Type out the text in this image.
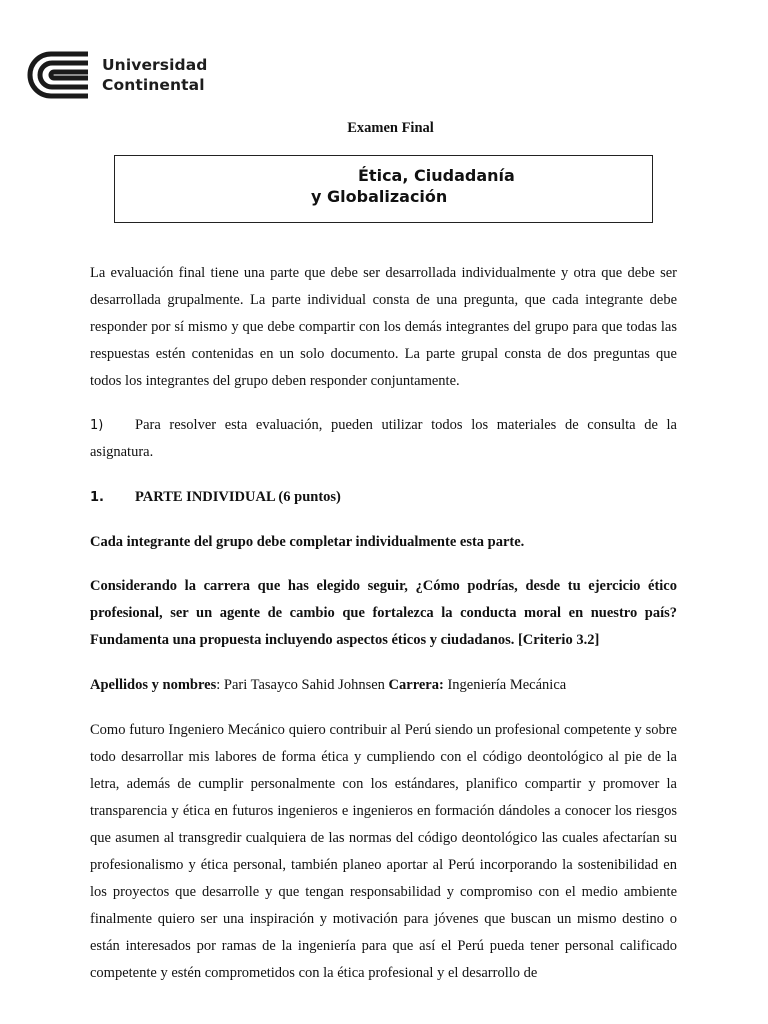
Universidad
Continental
Examen Final
Ética, Ciudadanía
y Globalización
La evaluación final tiene una parte que debe ser desarrollada individualmente y otra que debe ser desarrollada grupalmente. La parte individual consta de una pregunta, que cada integrante debe responder por sí mismo y que debe compartir con los demás integrantes del grupo para que todas las respuestas estén contenidas en un solo documento. La parte grupal consta de dos preguntas que todos los integrantes del grupo deben responder conjuntamente.
1) Para resolver esta evaluación, pueden utilizar todos los materiales de consulta de la asignatura.
1. PARTE INDIVIDUAL (6 puntos)
Cada integrante del grupo debe completar individualmente esta parte.
Considerando la carrera que has elegido seguir, ¿Cómo podrías, desde tu ejercicio ético profesional, ser un agente de cambio que fortalezca la conducta moral en nuestro país? Fundamenta una propuesta incluyendo aspectos éticos y ciudadanos. [Criterio 3.2]
Apellidos y nombres: Pari Tasayco Sahid Johnsen Carrera: Ingeniería Mecánica
Como futuro Ingeniero Mecánico quiero contribuir al Perú siendo un profesional competente y sobre todo desarrollar mis labores de forma ética y cumpliendo con el código deontológico al pie de la letra, además de cumplir personalmente con los estándares, planifico compartir y promover la transparencia y ética en futuros ingenieros e ingenieros en formación dándoles a conocer los riesgos que asumen al transgredir cualquiera de las normas del código deontológico las cuales afectarían su profesionalismo y ética personal, también planeo aportar al Perú incorporando la sostenibilidad en los proyectos que desarrolle y que tengan responsabilidad y compromiso con el medio ambiente finalmente quiero ser una inspiración y motivación para jóvenes que buscan un mismo destino o están interesados por ramas de la ingeniería para que así el Perú pueda tener personal calificado competente y estén comprometidos con la ética profesional y el desarrollo de
